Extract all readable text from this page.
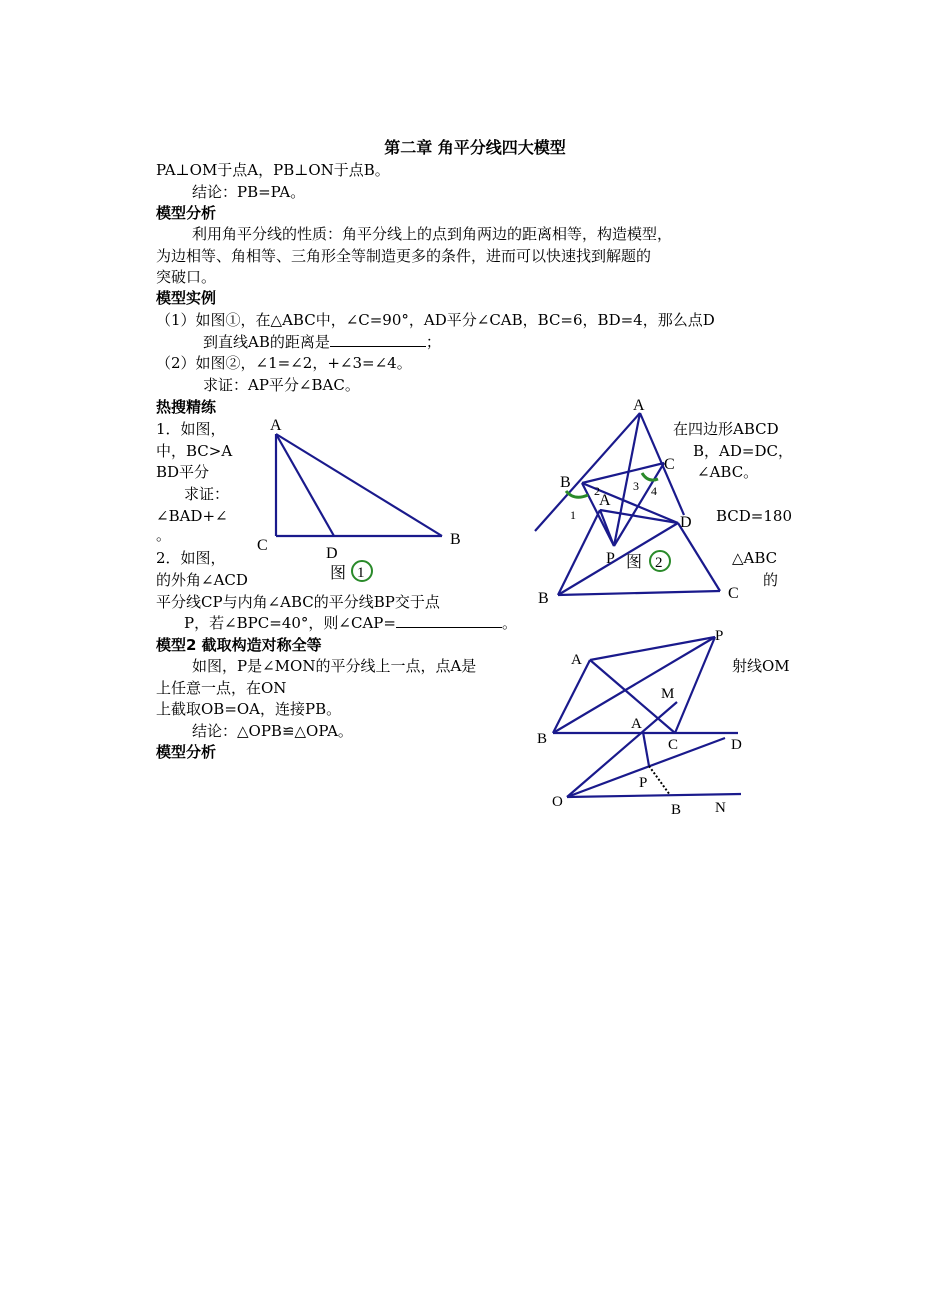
第二章 角平分线四大模型
PA⊥OM于点A，PB⊥ON于点B。
结论：PB=PA。
模型分析
利用角平分线的性质：角平分线上的点到角两边的距离相等，构造模型，
为边相等、角相等、三角形全等制造更多的条件，进而可以快速找到解题的
突破口。
模型实例
（1）如图①，在△ABC中，∠C=90°，AD平分∠CAB，BC=6，BD=4，那么点D
到直线AB的距离是	；
（2）如图②，∠1=∠2，+∠3=∠4。
求证：AP平分∠BAC。
热搜精练
1．如图，
中，BC>A
BD平分
求证：
∠BAD+∠
。
在四边形ABCD
B，AD=DC，
∠ABC。
BCD=180
2．如图，	△ABC
的外角∠ACD	的
平分线CP与内角∠ABC的平分线BP交于点
P，若∠BPC=40°，则∠CAP=	。
模型2 截取构造对称全等
如图，P是∠MON的平分线上一点，点A是	射线OM
上任意一点，在ON
上截取OB=OA，连接PB。
结论：△OPB≌△OPA。
模型分析
A
C	D
B
图 1
A
B
C
D
A
P
1
2	3 4
图 2
B	C
A
P
B	C	D
M
A
P
O	B N
